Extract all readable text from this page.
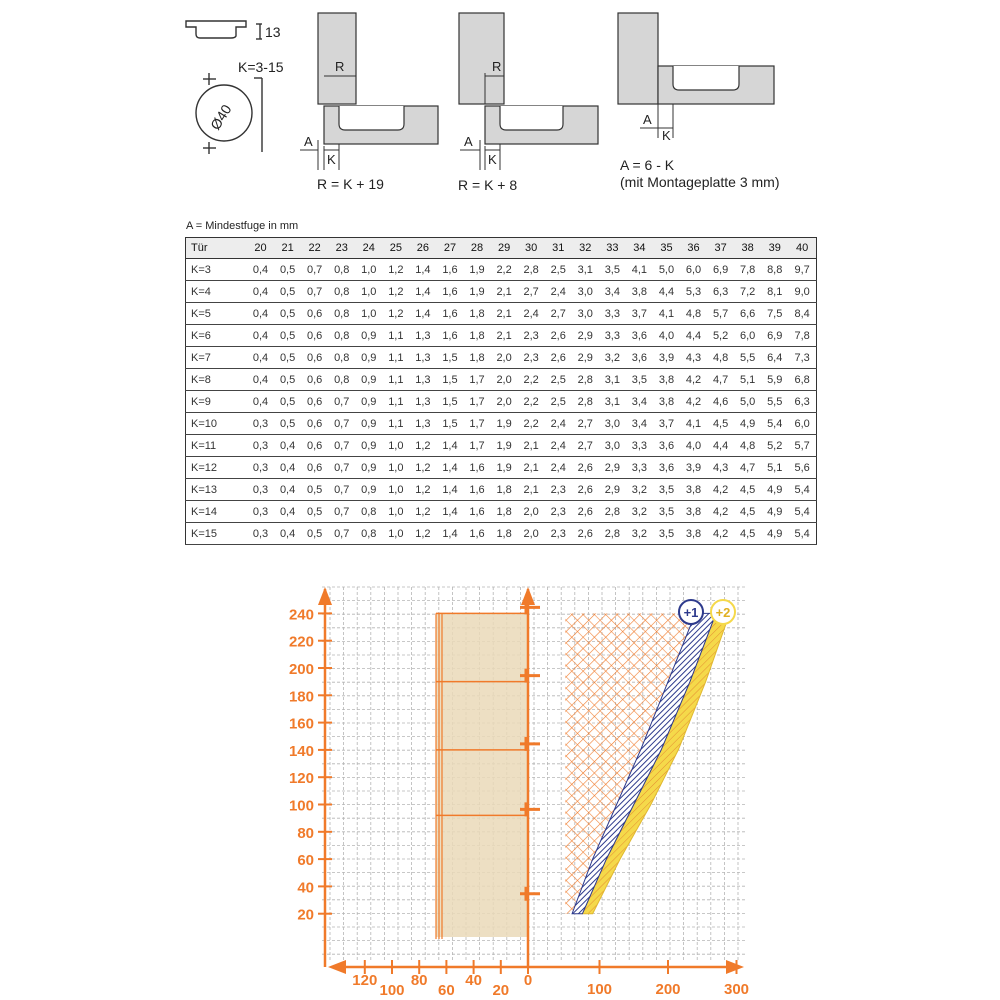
13
K=3-15
Ø40
R
A
K
R = K + 19
R
A
K
R = K + 8
A
K
A = 6 - K
(mit Montageplatte 3 mm)
A = Mindestfuge in mm
Tür	20	21	22	23	24	25	26	27	28	29	30	31	32	33	34	35	36	37	38	39	40
K=3	0,4	0,5	0,7	0,8	1,0	1,2	1,4	1,6	1,9	2,2	2,8	2,5	3,1	3,5	4,1	5,0	6,0	6,9	7,8	8,8	9,7
K=4	0,4	0,5	0,7	0,8	1,0	1,2	1,4	1,6	1,9	2,1	2,7	2,4	3,0	3,4	3,8	4,4	5,3	6,3	7,2	8,1	9,0
K=5	0,4	0,5	0,6	0,8	1,0	1,2	1,4	1,6	1,8	2,1	2,4	2,7	3,0	3,3	3,7	4,1	4,8	5,7	6,6	7,5	8,4
K=6	0,4	0,5	0,6	0,8	0,9	1,1	1,3	1,6	1,8	2,1	2,3	2,6	2,9	3,3	3,6	4,0	4,4	5,2	6,0	6,9	7,8
K=7	0,4	0,5	0,6	0,8	0,9	1,1	1,3	1,5	1,8	2,0	2,3	2,6	2,9	3,2	3,6	3,9	4,3	4,8	5,5	6,4	7,3
K=8	0,4	0,5	0,6	0,8	0,9	1,1	1,3	1,5	1,7	2,0	2,2	2,5	2,8	3,1	3,5	3,8	4,2	4,7	5,1	5,9	6,8
K=9	0,4	0,5	0,6	0,7	0,9	1,1	1,3	1,5	1,7	2,0	2,2	2,5	2,8	3,1	3,4	3,8	4,2	4,6	5,0	5,5	6,3
K=10	0,3	0,5	0,6	0,7	0,9	1,1	1,3	1,5	1,7	1,9	2,2	2,4	2,7	3,0	3,4	3,7	4,1	4,5	4,9	5,4	6,0
K=11	0,3	0,4	0,6	0,7	0,9	1,0	1,2	1,4	1,7	1,9	2,1	2,4	2,7	3,0	3,3	3,6	4,0	4,4	4,8	5,2	5,7
K=12	0,3	0,4	0,6	0,7	0,9	1,0	1,2	1,4	1,6	1,9	2,1	2,4	2,6	2,9	3,3	3,6	3,9	4,3	4,7	5,1	5,6
K=13	0,3	0,4	0,5	0,7	0,9	1,0	1,2	1,4	1,6	1,8	2,1	2,3	2,6	2,9	3,2	3,5	3,8	4,2	4,5	4,9	5,4
K=14	0,3	0,4	0,5	0,7	0,8	1,0	1,2	1,4	1,6	1,8	2,0	2,3	2,6	2,8	3,2	3,5	3,8	4,2	4,5	4,9	5,4
K=15	0,3	0,4	0,5	0,7	0,8	1,0	1,2	1,4	1,6	1,8	2,0	2,3	2,6	2,8	3,2	3,5	3,8	4,2	4,5	4,9	5,4
+1 +2
20
40
60
80
100
120
140
160
180
200
220
240
120
100
80
60
40
20
0
100	200	300
